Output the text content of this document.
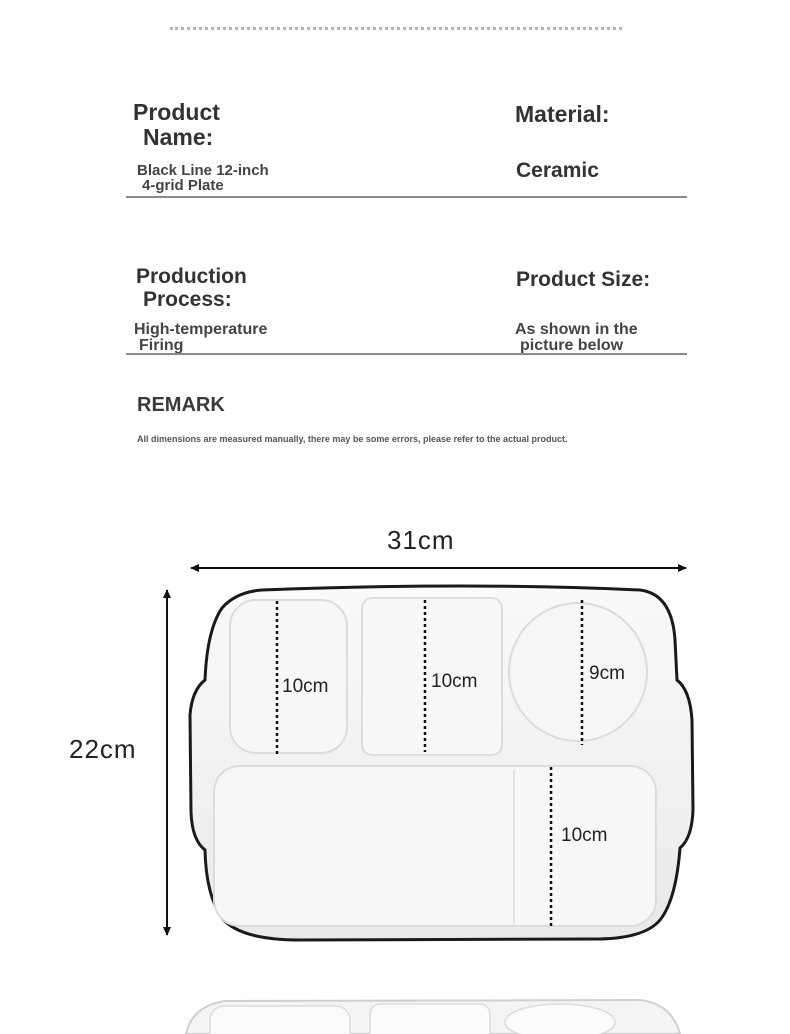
Product
Name:
Black Line 12-inch
4-grid Plate
Material:
Ceramic
Production
Process:
High-temperature
Firing
Product Size:
As shown in the
picture below
REMARK
All dimensions are measured manually, there may be some errors, please refer to the actual product.
31cm
22cm
10cm	10cm	9cm
10cm
